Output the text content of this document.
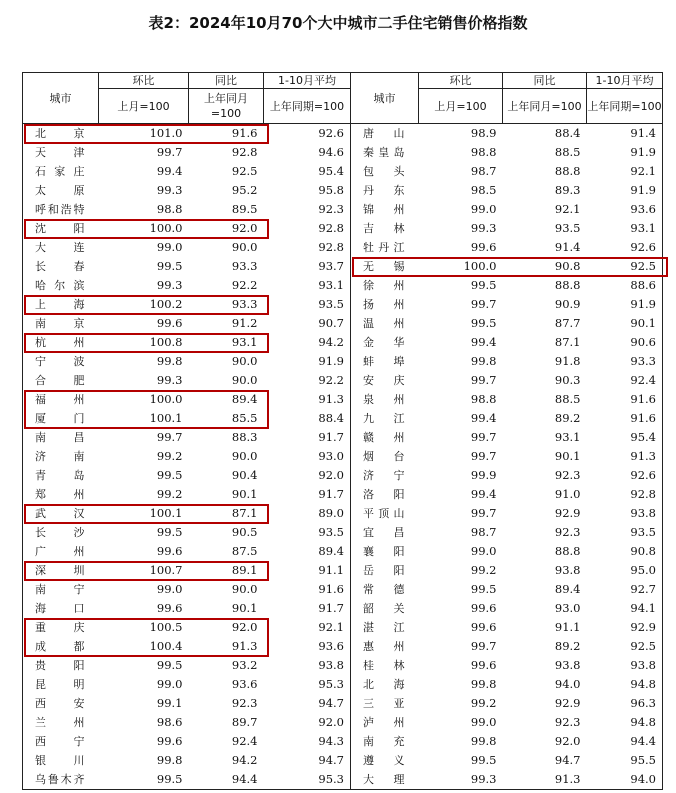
表2：2024年10月70个大中城市二手住宅销售价格指数
城市	环比	同比	1-10月平均	城市	环比	同比	1-10月平均
	上月=100	上年同月=100	上年同期=100		上月=100	上年同月=100	上年同期=100
北　京	101.0	91.6	92.6	唐　山	98.9	88.4	91.4
天　津	99.7	92.8	94.6	秦皇岛	98.8	88.5	91.9
石家庄	99.4	92.5	95.4	包　头	98.7	88.8	92.1
太　原	99.3	95.2	95.8	丹　东	98.5	89.3	91.9
呼和浩特	98.8	89.5	92.3	锦　州	99.0	92.1	93.6
沈　阳	100.0	92.0	92.8	吉　林	99.3	93.5	93.1
大　连	99.0	90.0	92.8	牡丹江	99.6	91.4	92.6
长　春	99.5	93.3	93.7	无　锡	100.0	90.8	92.5
哈尔滨	99.3	92.2	93.1	徐　州	99.5	88.8	88.6
上　海	100.2	93.3	93.5	扬　州	99.7	90.9	91.9
南　京	99.6	91.2	90.7	温　州	99.5	87.7	90.1
杭　州	100.8	93.1	94.2	金　华	99.4	87.1	90.6
宁　波	99.8	90.0	91.9	蚌　埠	99.8	91.8	93.3
合　肥	99.3	90.0	92.2	安　庆	99.7	90.3	92.4
福　州	100.0	89.4	91.3	泉　州	98.8	88.5	91.6
厦　门	100.1	85.5	88.4	九　江	99.4	89.2	91.6
南　昌	99.7	88.3	91.7	赣　州	99.7	93.1	95.4
济　南	99.2	90.0	93.0	烟　台	99.7	90.1	91.3
青　岛	99.5	90.4	92.0	济　宁	99.9	92.3	92.6
郑　州	99.2	90.1	91.7	洛　阳	99.4	91.0	92.8
武　汉	100.1	87.1	89.0	平顶山	99.7	92.9	93.8
长　沙	99.5	90.5	93.5	宜　昌	98.7	92.3	93.5
广　州	99.6	87.5	89.4	襄　阳	99.0	88.8	90.8
深　圳	100.7	89.1	91.1	岳　阳	99.2	93.8	95.0
南　宁	99.0	90.0	91.6	常　德	99.5	89.4	92.7
海　口	99.6	90.1	91.7	韶　关	99.6	93.0	94.1
重　庆	100.5	92.0	92.1	湛　江	99.6	91.1	92.9
成　都	100.4	91.3	93.6	惠　州	99.7	89.2	92.5
贵　阳	99.5	93.2	93.8	桂　林	99.6	93.8	93.8
昆　明	99.0	93.6	95.3	北　海	99.8	94.0	94.8
西　安	99.1	92.3	94.7	三　亚	99.2	92.9	96.3
兰　州	98.6	89.7	92.0	泸　州	99.0	92.3	94.8
西　宁	99.6	92.4	94.3	南　充	99.8	92.0	94.4
银　川	99.8	94.2	94.7	遵　义	99.5	94.7	95.5
乌鲁木齐	99.5	94.4	95.3	大　理	99.3	91.3	94.0
